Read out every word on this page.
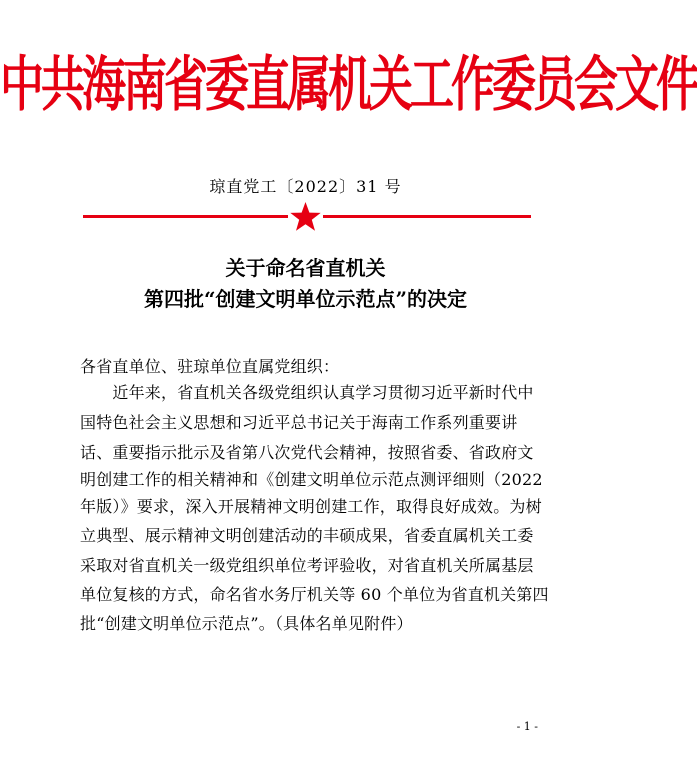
中共海南省委直属机关工作委员会文件
琼直党工〔2022〕31 号
关于命名省直机关
第四批“创建文明单位示范点”的决定
各省直单位、驻琼单位直属党组织：
　　近年来，省直机关各级党组织认真学习贯彻习近平新时代中
国特色社会主义思想和习近平总书记关于海南工作系列重要讲
话、重要指示批示及省第八次党代会精神，按照省委、省政府文
明创建工作的相关精神和《创建文明单位示范点测评细则（2022
年版）》要求，深入开展精神文明创建工作，取得良好成效。为树
立典型、展示精神文明创建活动的丰硕成果，省委直属机关工委
采取对省直机关一级党组织单位考评验收，对省直机关所属基层
单位复核的方式，命名省水务厅机关等 60 个单位为省直机关第四
批“创建文明单位示范点”。（具体名单见附件）
- 1 -
